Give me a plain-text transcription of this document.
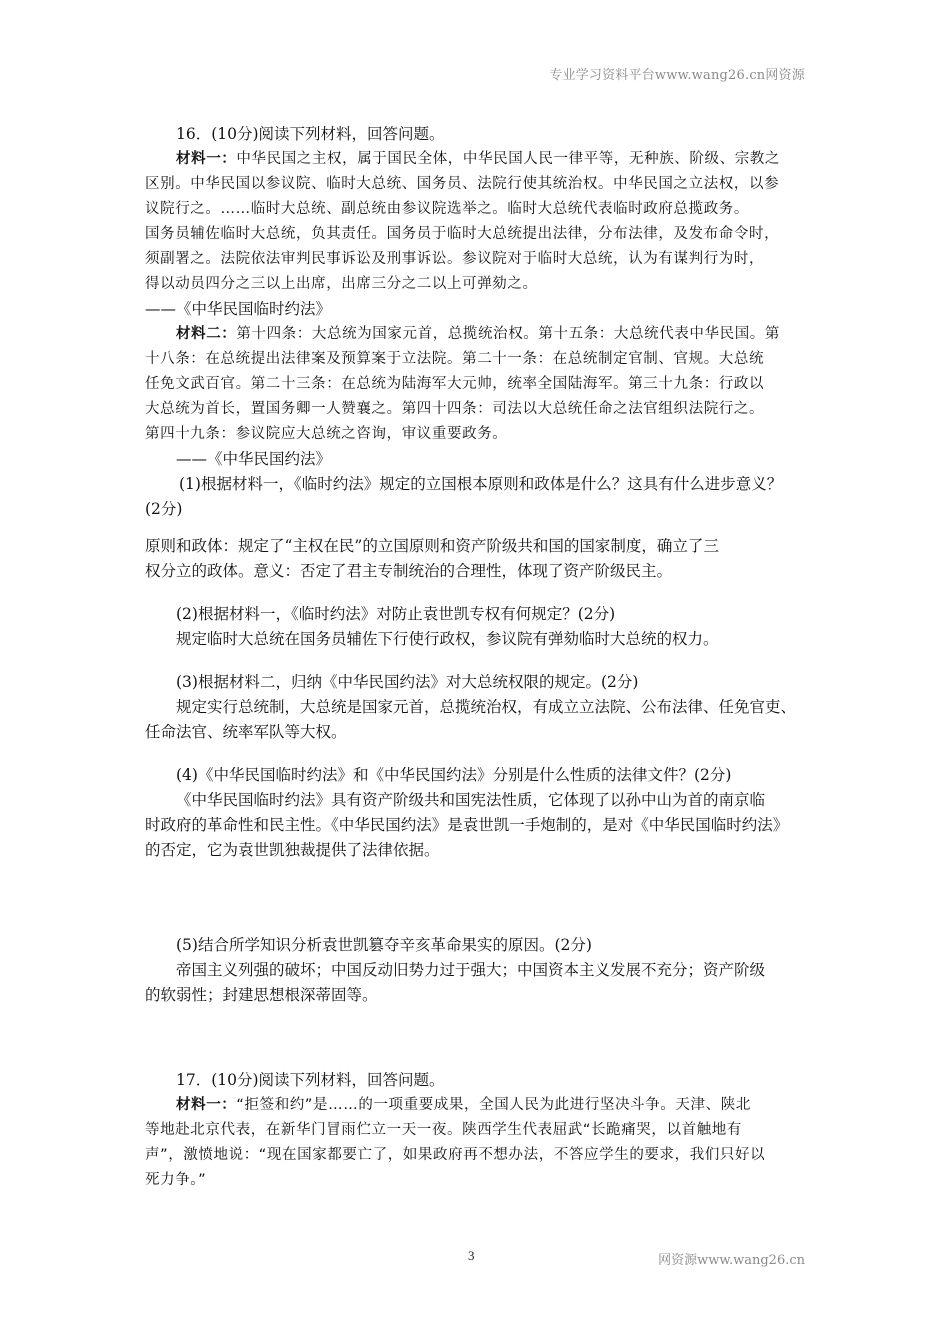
专业学习资料平台www.wang26.cn网资源
16．(10分)阅读下列材料，回答问题。
材料一：中华民国之主权，属于国民全体，中华民国人民一律平等，无种族、阶级、宗教之
区别。中华民国以参议院、临时大总统、国务员、法院行使其统治权。中华民国之立法权，以参
议院行之。……临时大总统、副总统由参议院选举之。临时大总统代表临时政府总揽政务。
国务员辅佐临时大总统，负其责任。国务员于临时大总统提出法律，分布法律，及发布命令时，
须副署之。法院依法审判民事诉讼及刑事诉讼。参议院对于临时大总统，认为有谋判行为时，
得以动员四分之三以上出席，出席三分之二以上可弹劾之。
——《中华民国临时约法》
材料二：第十四条：大总统为国家元首，总揽统治权。第十五条：大总统代表中华民国。第
十八条：在总统提出法律案及预算案于立法院。第二十一条：在总统制定官制、官规。大总统
任免文武百官。第二十三条：在总统为陆海军大元帅，统率全国陆海军。第三十九条：行政以
大总统为首长，置国务卿一人赞襄之。第四十四条：司法以大总统任命之法官组织法院行之。
第四十九条：参议院应大总统之咨询，审议重要政务。
——《中华民国约法》
(1)根据材料一，《临时约法》规定的立国根本原则和政体是什么？这具有什么进步意义？
(2分)
原则和政体：规定了“主权在民”的立国原则和资产阶级共和国的国家制度，确立了三
权分立的政体。意义：否定了君主专制统治的合理性，体现了资产阶级民主。
(2)根据材料一，《临时约法》对防止袁世凯专权有何规定？(2分)
规定临时大总统在国务员辅佐下行使行政权，参议院有弹劾临时大总统的权力。
(3)根据材料二，归纳《中华民国约法》对大总统权限的规定。(2分)
规定实行总统制，大总统是国家元首，总揽统治权，有成立立法院、公布法律、任免官吏、
任命法官、统率军队等大权。
(4)《中华民国临时约法》和《中华民国约法》分别是什么性质的法律文件？(2分)
《中华民国临时约法》具有资产阶级共和国宪法性质，它体现了以孙中山为首的南京临
时政府的革命性和民主性。《中华民国约法》是袁世凯一手炮制的，是对《中华民国临时约法》
的否定，它为袁世凯独裁提供了法律依据。
(5)结合所学知识分析袁世凯篡夺辛亥革命果实的原因。(2分)
帝国主义列强的破坏；中国反动旧势力过于强大；中国资本主义发展不充分；资产阶级
的软弱性；封建思想根深蒂固等。
17．(10分)阅读下列材料，回答问题。
材料一：“拒签和约”是……的一项重要成果，全国人民为此进行坚决斗争。天津、陕北
等地赴北京代表，在新华门冒雨伫立一天一夜。陕西学生代表屈武“长跪痛哭，以首触地有
声”，激愤地说：“现在国家都要亡了，如果政府再不想办法，不答应学生的要求，我们只好以
死力争。”
3	网资源www.wang26.cn
